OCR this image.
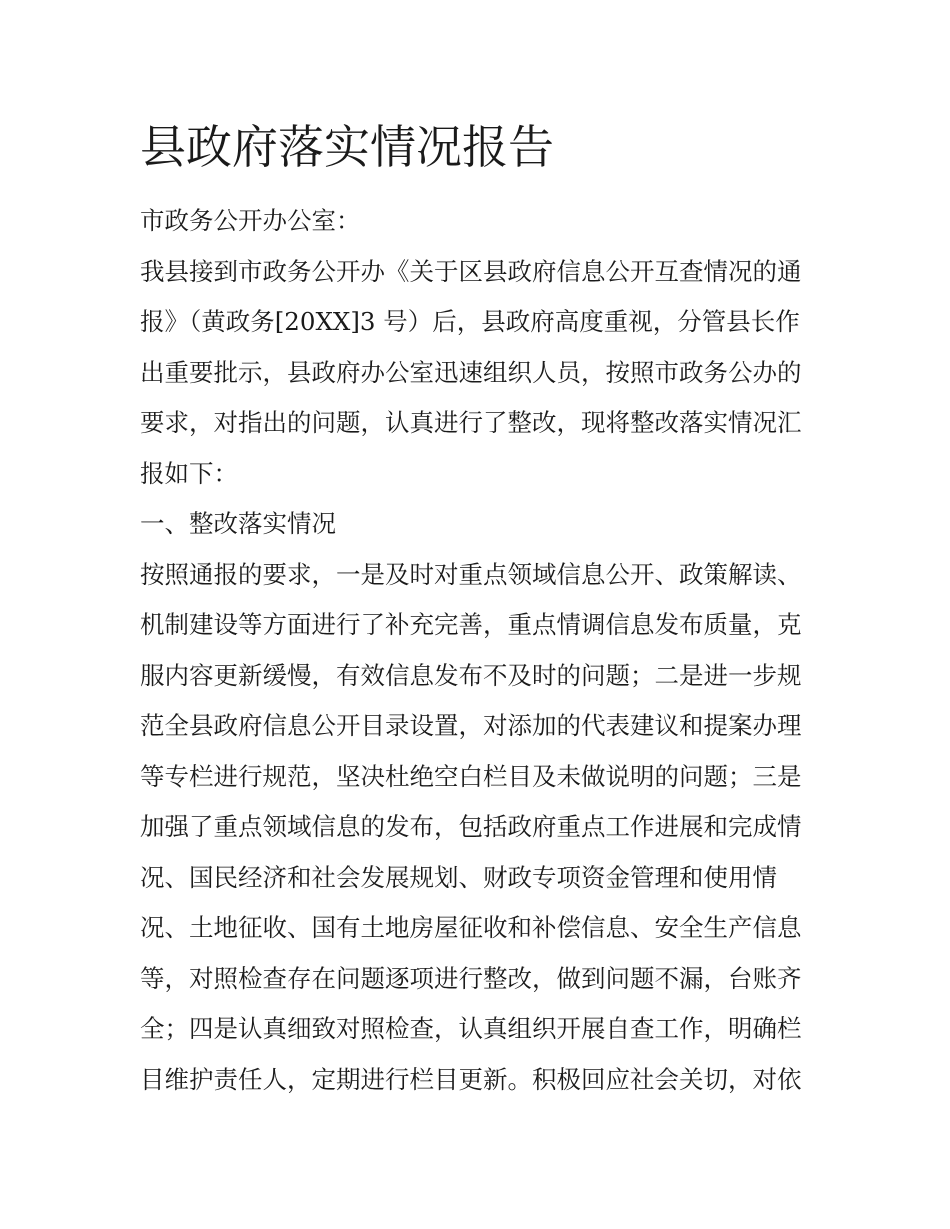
县政府落实情况报告
市政务公开办公室：
我县接到市政务公开办《关于区县政府信息公开互查情况的通
报》（黄政务[20XX]3 号）后，县政府高度重视，分管县长作
出重要批示，县政府办公室迅速组织人员，按照市政务公办的
要求，对指出的问题，认真进行了整改，现将整改落实情况汇
报如下：
一、整改落实情况
按照通报的要求，一是及时对重点领域信息公开、政策解读、
机制建设等方面进行了补充完善，重点情调信息发布质量，克
服内容更新缓慢，有效信息发布不及时的问题；二是进一步规
范全县政府信息公开目录设置，对添加的代表建议和提案办理
等专栏进行规范，坚决杜绝空白栏目及未做说明的问题；三是
加强了重点领域信息的发布，包括政府重点工作进展和完成情
况、国民经济和社会发展规划、财政专项资金管理和使用情
况、土地征收、国有土地房屋征收和补偿信息、安全生产信息
等，对照检查存在问题逐项进行整改，做到问题不漏，台账齐
全；四是认真细致对照检查，认真组织开展自查工作，明确栏
目维护责任人，定期进行栏目更新。积极回应社会关切，对依
